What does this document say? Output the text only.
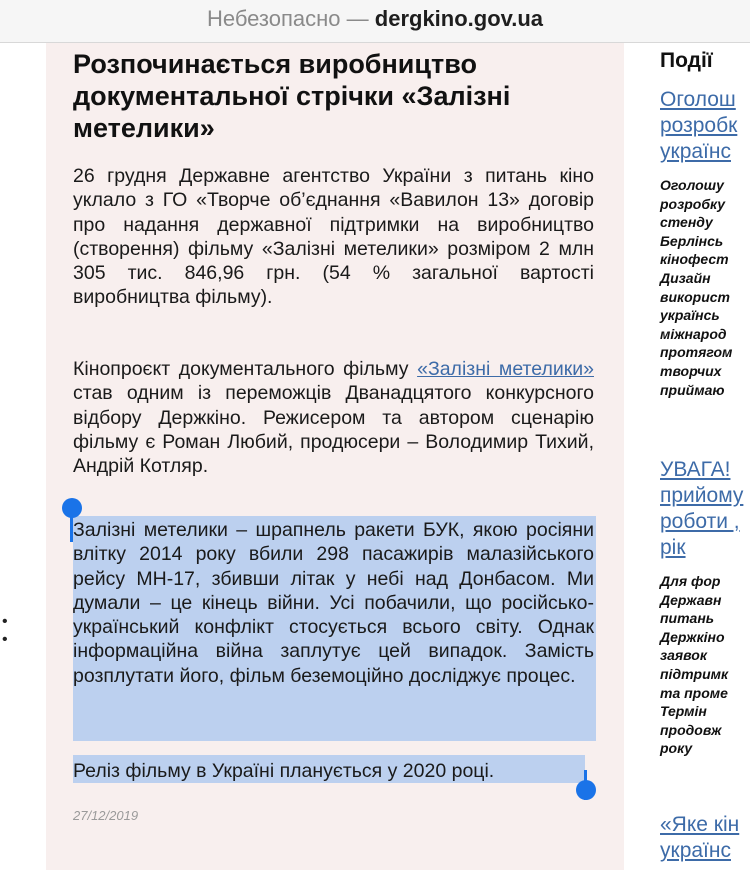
Небезопасно — dergkino.gov.ua
•
•
Розпочинається виробництво документальної стрічки «Залізні метелики»

26 грудня Державне агентство України з питань кіно уклало з ГО «Творче об’єднання «Вавилон 13» договір про надання державної підтримки на виробництво (створення) фільму «Залізні метелики» розміром 2 млн 305 тис. 846,96 грн. (54 % загальної вартості виробництва фільму).

Кінопроєкт документального фільму «Залізні метелики» став одним із переможців Дванадцятого конкурсного відбору Держкіно. Режисером та автором сценарію фільму є Роман Любий, продюсери – Володимир Тихий, Андрій Котляр.

Залізні метелики – шрапнель ракети БУК, якою росіяни влітку 2014 року вбили 298 пасажирів малазійського рейсу МН-17, збивши літак у небі над Донбасом. Ми думали – це кінець війни. Усі побачили, що російсько-український конфлікт стосується всього світу. Однак інформаційна війна заплутує цей випадок. Замість розплутати його, фільм беземоційно досліджує процес.

Реліз фільму в Україні планується у 2020 році.

27/12/2019
Події
Оголош
розробк
українс
Оголошу
розробку
стенду
Берлінсь
кінофест
Дизайн
використ
українсь
міжнарод
протягом
творчих
приймаю
УВАГА!
прийому
роботи ,
рік
Для фор
Державн
питань
Держкіно
заявок
підтримк
та проме
Термін
продовж
року
«Яке кін
українс
